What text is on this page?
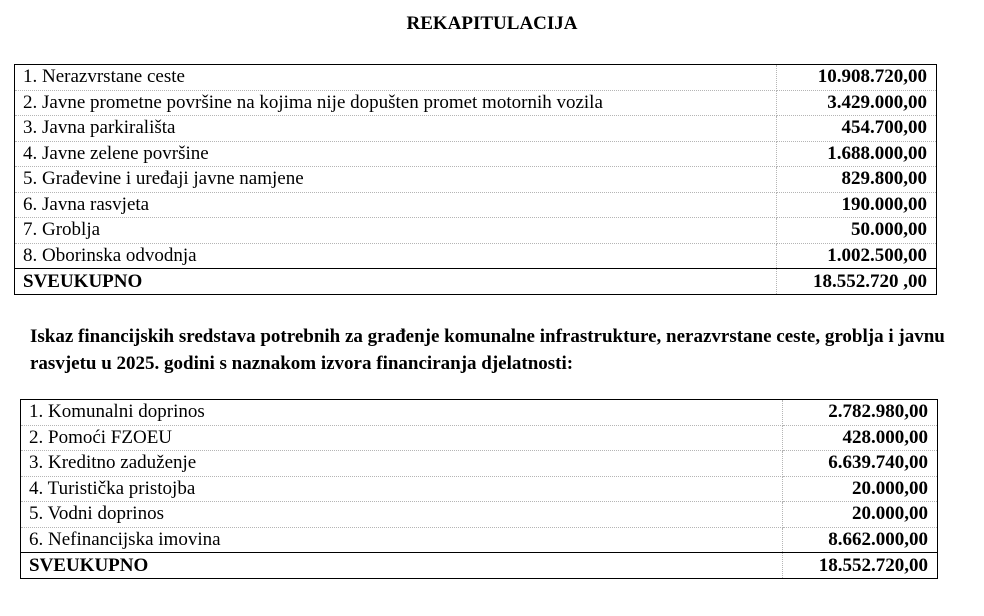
REKAPITULACIJA
1. Nerazvrstane ceste	10.908.720,00
2. Javne prometne površine na kojima nije dopušten promet motornih vozila	3.429.000,00
3. Javna parkirališta	454.700,00
4. Javne zelene površine	1.688.000,00
5. Građevine i uređaji javne namjene	829.800,00
6. Javna rasvjeta	190.000,00
7. Groblja	50.000,00
8. Oborinska odvodnja	1.002.500,00
SVEUKUPNO	18.552.720 ,00
Iskaz financijskih sredstava potrebnih za građenje komunalne infrastrukture, nerazvrstane ceste, groblja i javnu rasvjetu u 2025. godini s naznakom izvora financiranja djelatnosti:
1. Komunalni doprinos	2.782.980,00
2. Pomoći FZOEU	428.000,00
3. Kreditno zaduženje	6.639.740,00
4. Turistička pristojba	20.000,00
5. Vodni doprinos	20.000,00
6. Nefinancijska imovina	8.662.000,00
SVEUKUPNO	18.552.720,00
